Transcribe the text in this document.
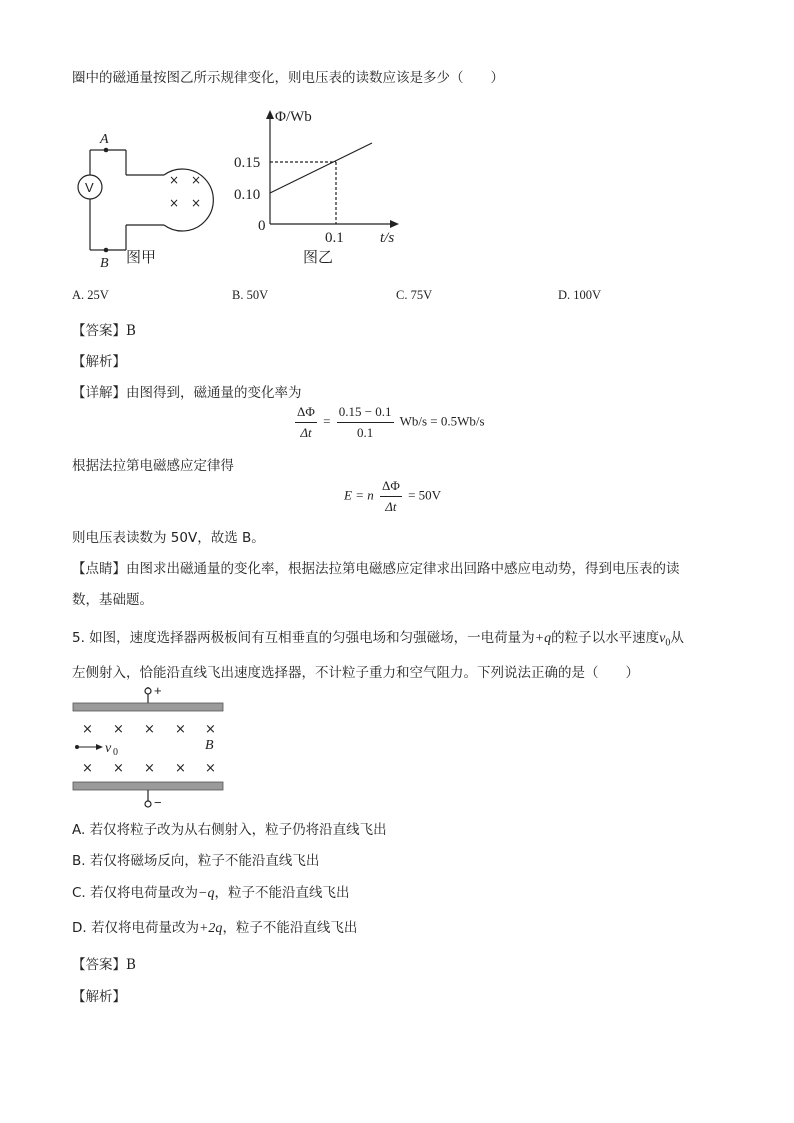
圈中的磁通量按图乙所示规律变化，则电压表的读数应该是多少（　　）
V
A
B
× ×
× ×
图甲
Φ/Wb
0.15
0.10
0
0.1 t/s
图乙
A. 25V	B. 50V	C. 75V	D. 100V
【答案】B
【解析】
【详解】由图得到，磁通量的变化率为
$\frac{\Delta\Phi}{\Delta t} = \frac{0.15 - 0.1}{0.1} Wb/s = 0.5Wb/s$
根据法拉第电磁感应定律得
E = n $\frac{\Delta\Phi}{\Delta t} = 50V$
则电压表读数为 50V，故选 B。
【点睛】由图求出磁通量的变化率，根据法拉第电磁感应定律求出回路中感应电动势，得到电压表的读
数，基础题。
5. 如图，速度选择器两极板间有互相垂直的匀强电场和匀强磁场，一电荷量为+q的粒子以水平速度$v_0$从
左侧射入，恰能沿直线飞出速度选择器，不计粒子重力和空气阻力。下列说法正确的是（　　）
+
−
× × × × ×
× × × × ×
B
v 0
A. 若仅将粒子改为从右侧射入，粒子仍将沿直线飞出
B. 若仅将磁场反向，粒子不能沿直线飞出
C. 若仅将电荷量改为−q，粒子不能沿直线飞出
D. 若仅将电荷量改为+2q，粒子不能沿直线飞出
【答案】B
【解析】
